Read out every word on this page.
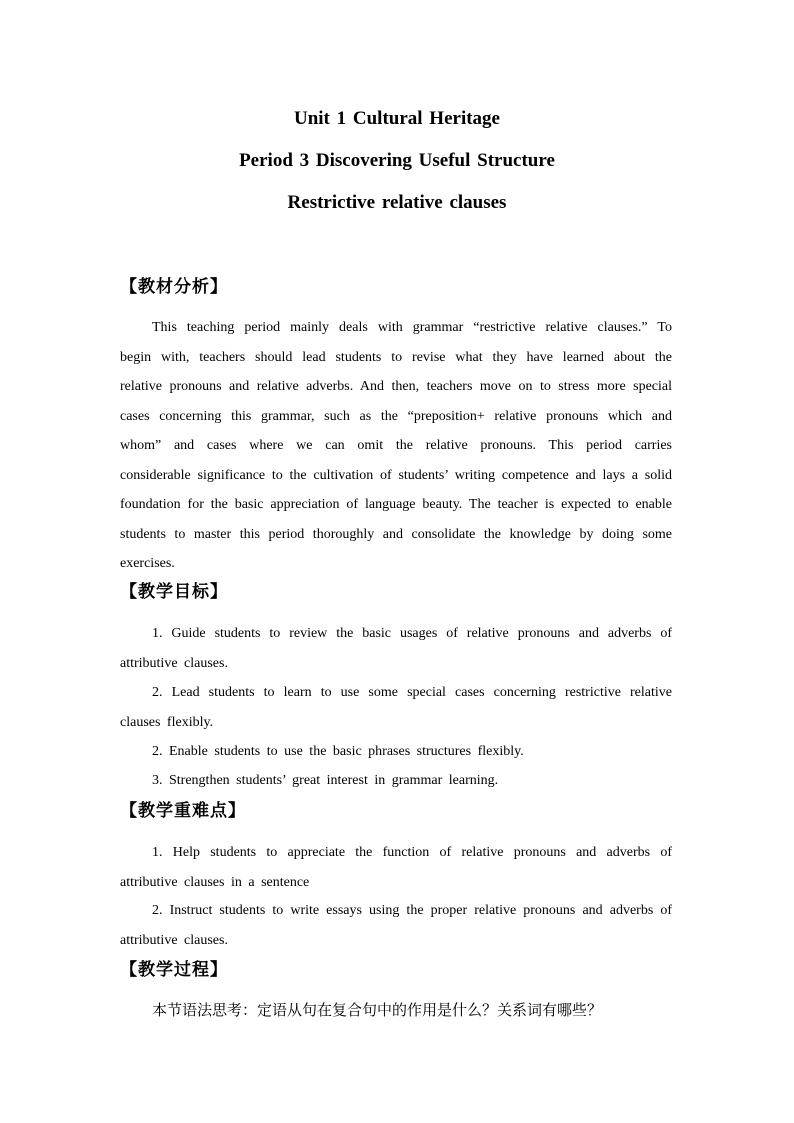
Unit 1 Cultural Heritage
Period 3 Discovering Useful Structure
Restrictive relative clauses
【教材分析】
This teaching period mainly deals with grammar “restrictive relative clauses.” To begin with, teachers should lead students to revise what they have learned about the relative pronouns and relative adverbs. And then, teachers move on to stress more special cases concerning this grammar, such as the “preposition+ relative pronouns which and whom” and cases where we can omit the relative pronouns. This period carries considerable significance to the cultivation of students’ writing competence and lays a solid foundation for the basic appreciation of language beauty. The teacher is expected to enable students to master this period thoroughly and consolidate the knowledge by doing some exercises.
【教学目标】
1. Guide students to review the basic usages of relative pronouns and adverbs of attributive clauses.
2. Lead students to learn to use some special cases concerning restrictive relative clauses flexibly.
2. Enable students to use the basic phrases structures flexibly.
3. Strengthen students’ great interest in grammar learning.
【教学重难点】
1. Help students to appreciate the function of relative pronouns and adverbs of attributive clauses in a sentence
2. Instruct students to write essays using the proper relative pronouns and adverbs of attributive clauses.
【教学过程】
本节语法思考：定语从句在复合句中的作用是什么？关系词有哪些？
